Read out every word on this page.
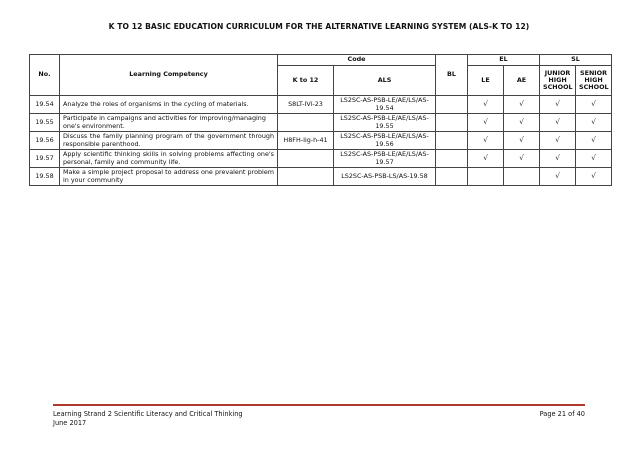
K TO 12 BASIC EDUCATION CURRICULUM FOR THE ALTERNATIVE LEARNING SYSTEM (ALS-K TO 12)
No.	Learning Competency	Code		BL	EL		SL	
		K to 12	ALS		LE	AE	JUNIOR HIGH SCHOOL	SENIOR HIGH SCHOOL
19.54	Analyze the roles of organisms in the cycling of materials.	S8LT-IVi-23	LS2SC-AS-PSB-LE/AE/LS/AS-19.54		√	√	√	√
19.55	Participate in campaigns and activities for improving/managing one's environment.		LS2SC-AS-PSB-LE/AE/LS/AS-19.55		√	√	√	√
19.56	Discuss the family planning program of the government through responsible parenthood.	H8FH-Iig-h-41	LS2SC-AS-PSB-LE/AE/LS/AS-19.56		√	√	√	√
19.57	Apply scientific thinking skills in solving problems affecting one's personal, family and community life.		LS2SC-AS-PSB-LE/AE/LS/AS-19.57		√	√	√	√
19.58	Make a simple project proposal to address one prevalent problem in your community		LS2SC-AS-PSB-LS/AS-19.58				√	√
Learning Strand 2 Scientific Literacy and Critical Thinking
June 2017
Page 21 of 40
